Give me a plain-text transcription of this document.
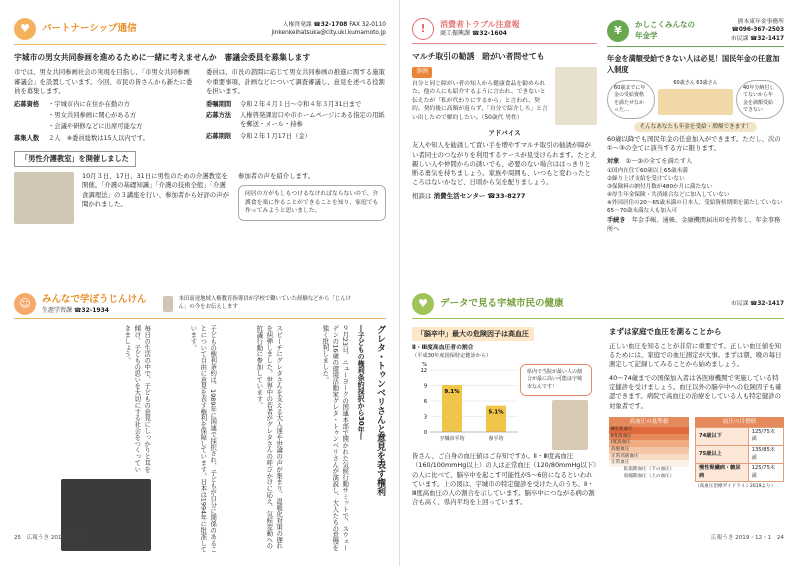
♥	パートナーシップ通信	人権啓発課 ☎32-1708 FAX 32-0110
jinkenkeihatsuka@city.uki.kumamoto.jp
宇城市の男女共同参画を進めるために一緒に考えませんか　審議会委員を募集します

市では、男女共同参画社会の実現を目指し、「市男女共同参画審議会」を設置しています。今回、市民の皆さんから新たに委員を募集します。

応募資格	・宇城市内に在住か在勤の方
・男女共同参画に関心がある方
・会議や研修などに出席可能な方
募集人数	２人　※委員総数は15人以内です。

委員は、市長の諮問に応じて男女共同参画の推進に関する施策や重要事項、計画などについて調査審議し、意見を述べる役割を担います。

委嘱期間	令和２年４月１日～令和４年３月31日まで
応募方法	人権啓発課窓口や市ホームページにある指定の用紙を郵送・メール・持参
応募期限	令和２年１月17日（金）
「男性介護教室」を開催しました

10月３日、17日、31日に男性のための介護教室を開催。「介護の基礎知識」「介護の技術全般」「介護食調理法」の３講座を行い、参加者から好評の声が聞かれました。

参加者の声を紹介します。

同居の方がもしもつけるなければならないので、介護食を楽に作ることができることを知り、家庭でも作ってみようと思いました。
☺	みんなで学ぼうじんけん
生涯学習課 ☎32-1934
本田南達地域人権教育指導員が学校で働いていた経験などから「じんけん」の今をお伝えします
グレタ・トゥンベリさんと意見を表す権利
―子どもの権利条約採択から30年―
９月23日、ニューヨークの国連本部で開かれた気候行動サミットで、スウェーデンの16歳の環境活動家グレタ・トゥンベリさんが演説し、大人たちの怠慢を強く批判しました。
スピーチにグレタさんを支える大人達や世論の声が集まり、温暖化対策の遅れを糾弾しました。世界中の若者がグレタさんの呼びかけに応え、気候変動への抗議行動に参加しています。
子どもの権利条約は、1989年に国連で採択され、子どもが自分に関係のあることについて自由に意見を表す権利を保障しています。日本は1994年に批准しています。
毎日の生活の中で、子どもの意見にしっかりと耳を傾け、子どもの思いを大切にする社会をつくっていきましょう。
25　広報うき 2019・12・1
!	消費者トラブル注意報
商工振興課 ☎32-1604
マルチ取引の勧誘　賠がい者問せても
事例

自分と同じ障がい者の知人から健康食品を勧められた。他の人にも紹介するように言われ、できないと伝えたが「私が代わりにするから」と言われ、契約。契約後に高額が返らず、「自分で紹介しろ」と言い出したので解約したい。（50歳代 男性）

アドバイス

友人や知人を勧誘して買い手を増やすマルチ取引の勧誘が障がい者同士のつながりを利用するケースが見受けられます。たとえ親しい人や仲間からの誘いでも、必要のない場合ははっきりと断る勇気を持ちましょう。家族や周囲も、いつもと変わったところはないかなど、日頃から気を配りましょう。

相談は 消費生活センター ☎33-8277
¥	かしこくみんなの年金学
熊本東年金事務所
☎096-367-2503
市民課 ☎32-1417
年金を満額受給できない人は必見！国民年金の任意加入制度
60歳までに年金の受給資格を満たせなかった…
60歳さん 63歳さん
40年分納付してないから年金を満額受給できない
そんなあなたも年金を受給・増額できます！

60歳以降でも国民年金の任意加入ができます。ただし、次の①～③の全てに該当する方に限ります。

対象　 ①～③の全てを満たす人
①国内在住で60歳以上65歳未満
②繰り上げ支給を受けていない
③保険料の納付月数が480か月に満たない
④厚生年金保険・共済組合などに加入していない
※外国居住の20～65歳未満の日本人、受給資格期間を満たしていない65～70歳未満な人も加入可
手続き　 年金手帳、通帳、金融機関届出印を持参し、年金事務所へ
♥	データで見る宇城市民の健康	市民課 ☎32-1417
「脳卒中」最大の危険因子は高血圧
Ⅱ・Ⅲ度高血圧者の割合
（平成30年度国保特定健診から）
0
3
6
9
12
%
9.1%
宇城市平均
5.1%
県平均
県内で当院が最い人の割合が最に高い可能は宇城市なんです！

皆さん、ご自身の血圧値はご存知ですか。Ⅱ・Ⅲ度高血圧（160/100mmHg以上）の人は正常血圧（120/80mmHg以下）の人に比べて、脳卒中を起こす可能性が5～6倍になるといわれています。上の図は、宇城市の特定健診を受けた人のうち、Ⅱ・Ⅲ度高血圧の人の割合を示しています。脳卒中につながる病の割合も高く、県内平均を上回っています。

まずは家庭で血圧を測ることから

正しい血圧を知ることが非常に重要です。正しい血圧値を知るためには、家庭での血圧測定が大事。まずは朝、晩の毎日測定して記録してみることから始めましょう。

40～74歳までの国保加入者は各医療機関で実施している特定健診を受けましょう。血圧以外の脳卒中への危険因子も確認できます。病院で高血圧の治療をしている人も特定健診の対象者です。

高血圧の基準値
Ⅲ度高血圧
Ⅱ度高血圧
Ⅰ度高血圧
高値血圧
正常高値血圧
正常血圧
拡張期血圧（下の血圧）
収縮期血圧（上の血圧）
血圧の目標値
74歳以下	125/75未満
75歳以上	135/85未満
慢性腎臓病・糖尿病	125/75未満
（高血圧治療ガイドライン2019より）
広報うき 2019・12・1　24
